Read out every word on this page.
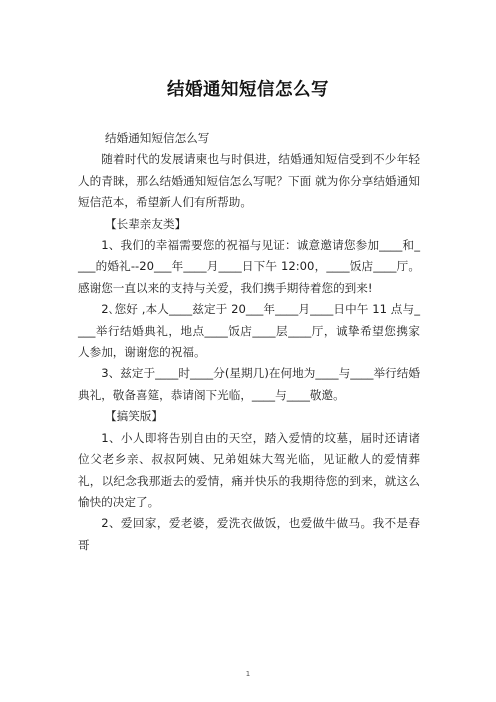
结婚通知短信怎么写

结婚通知短信怎么写

随着时代的发展请柬也与时俱进，结婚通知短信受到不少年轻人的青睐，那么结婚通知短信怎么写呢？下面 就为你分享结婚通知短信范本，希望新人们有所帮助。

【长辈亲友类】

1、我们的幸福需要您的祝福与见证：诚意邀请您参加____和____的婚礼--20___年____月____日下午 12:00，____饭店____厅。感谢您一直以来的支持与关爱，我们携手期待着您的到来!

2､您好 ,本人____兹定于 20___年____月____日中午 11 点与____举行结婚典礼，地点____饭店____层____厅，诚挚希望您携家人参加，谢谢您的祝福。

3、兹定于____时____分(星期几)在何地为____与____举行结婚典礼，敬备喜筵，恭请阁下光临，____与____敬邀。

【搞笑版】

1、小人即将告别自由的天空，踏入爱情的坟墓，届时还请诸位父老乡亲、叔叔阿姨、兄弟姐妹大驾光临，见证敝人的爱情葬礼，以纪念我那逝去的爱情，痛并快乐的我期待您的到来，就这么愉快的决定了。

2、爱回家，爱老婆，爱洗衣做饭，也爱做牛做马。我不是春哥

1
